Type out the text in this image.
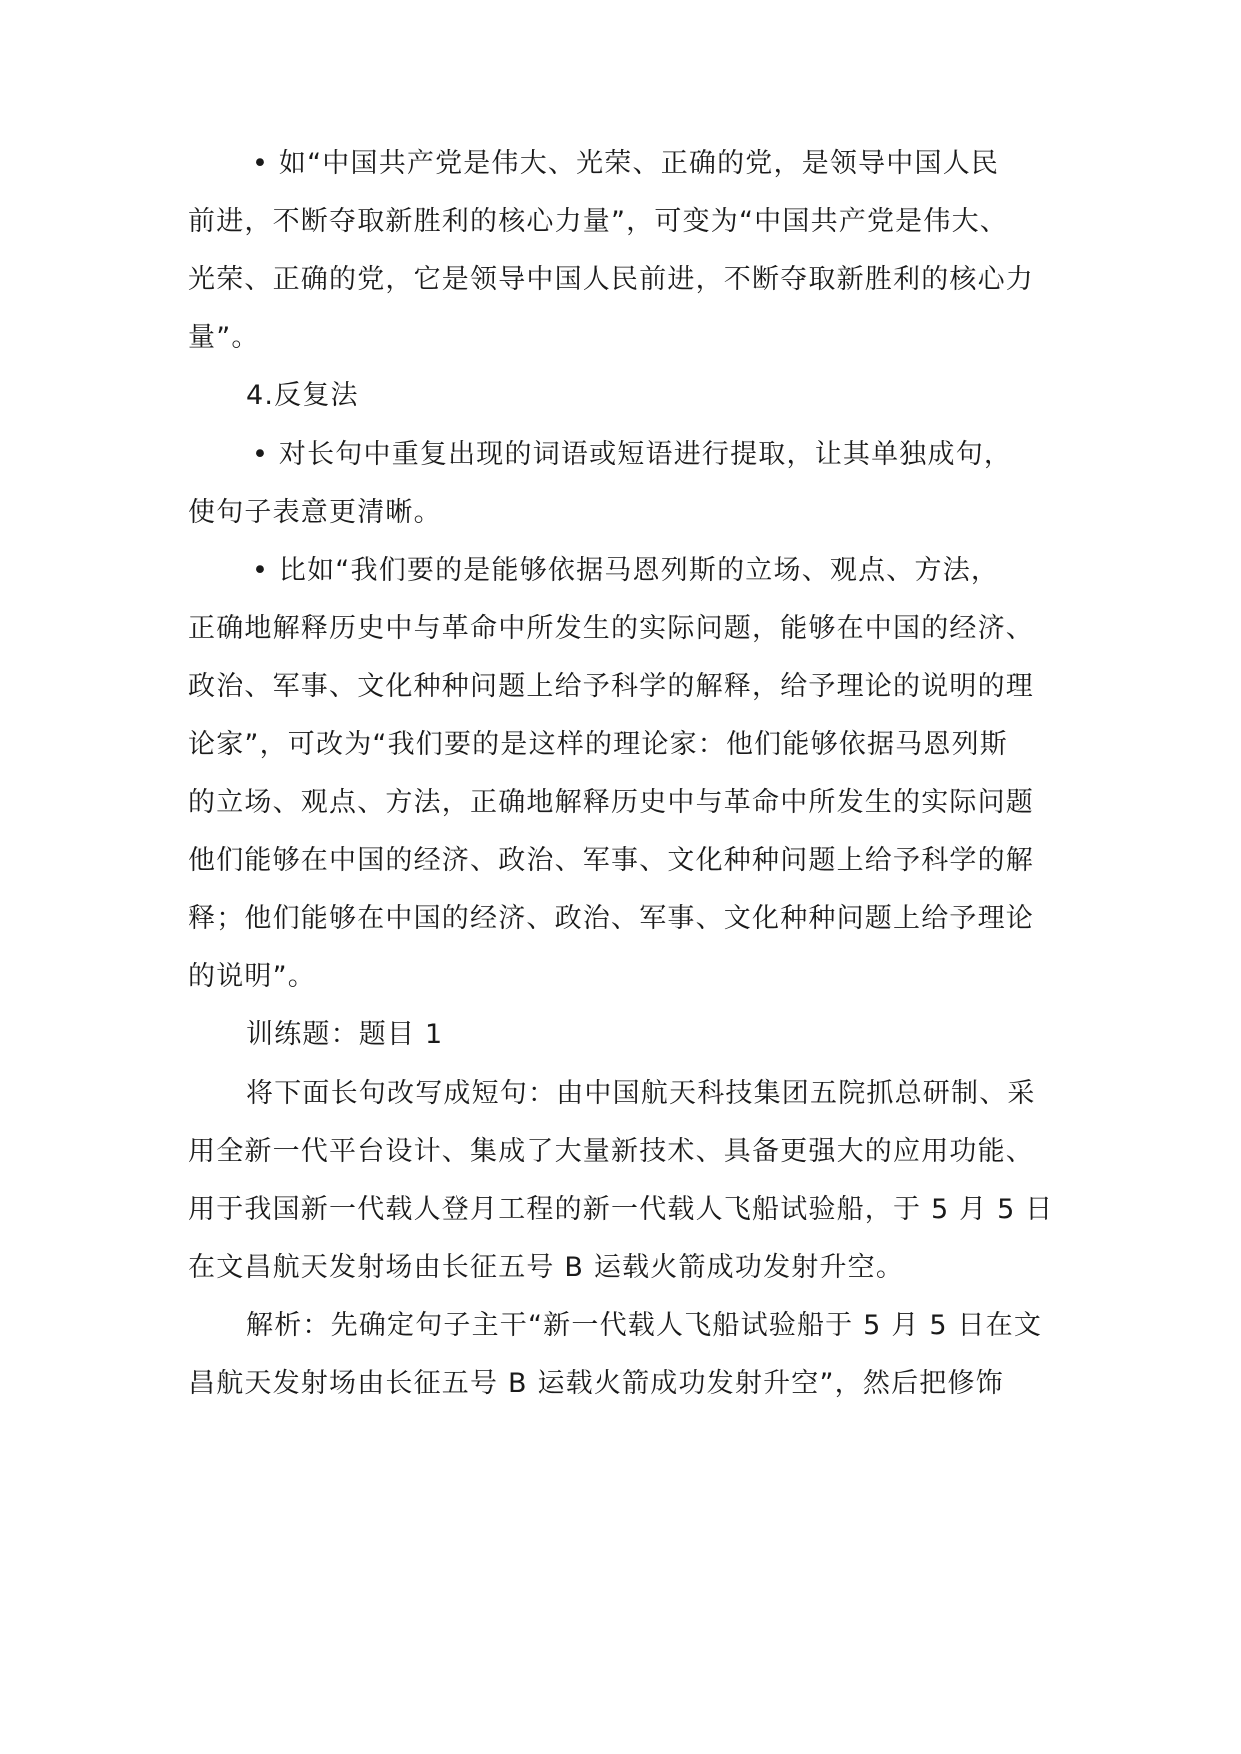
• 如“中国共产党是伟大、光荣、正确的党，是领导中国人民
前进，不断夺取新胜利的核心力量”，可变为“中国共产党是伟大、
光荣、正确的党，它是领导中国人民前进，不断夺取新胜利的核心力
量”。
4.反复法
• 对长句中重复出现的词语或短语进行提取，让其单独成句，
使句子表意更清晰。
• 比如“我们要的是能够依据马恩列斯的立场、观点、方法，
正确地解释历史中与革命中所发生的实际问题，能够在中国的经济、
政治、军事、文化种种问题上给予科学的解释，给予理论的说明的理
论家”，可改为“我们要的是这样的理论家：他们能够依据马恩列斯
的立场、观点、方法，正确地解释历史中与革命中所发生的实际问题
他们能够在中国的经济、政治、军事、文化种种问题上给予科学的解
释；他们能够在中国的经济、政治、军事、文化种种问题上给予理论
的说明”。
训练题：题目 1
将下面长句改写成短句：由中国航天科技集团五院抓总研制、采
用全新一代平台设计、集成了大量新技术、具备更强大的应用功能、
用于我国新一代载人登月工程的新一代载人飞船试验船，于 5 月 5 日
在文昌航天发射场由长征五号 B 运载火箭成功发射升空。
解析：先确定句子主干“新一代载人飞船试验船于 5 月 5 日在文
昌航天发射场由长征五号 B 运载火箭成功发射升空”，然后把修饰
